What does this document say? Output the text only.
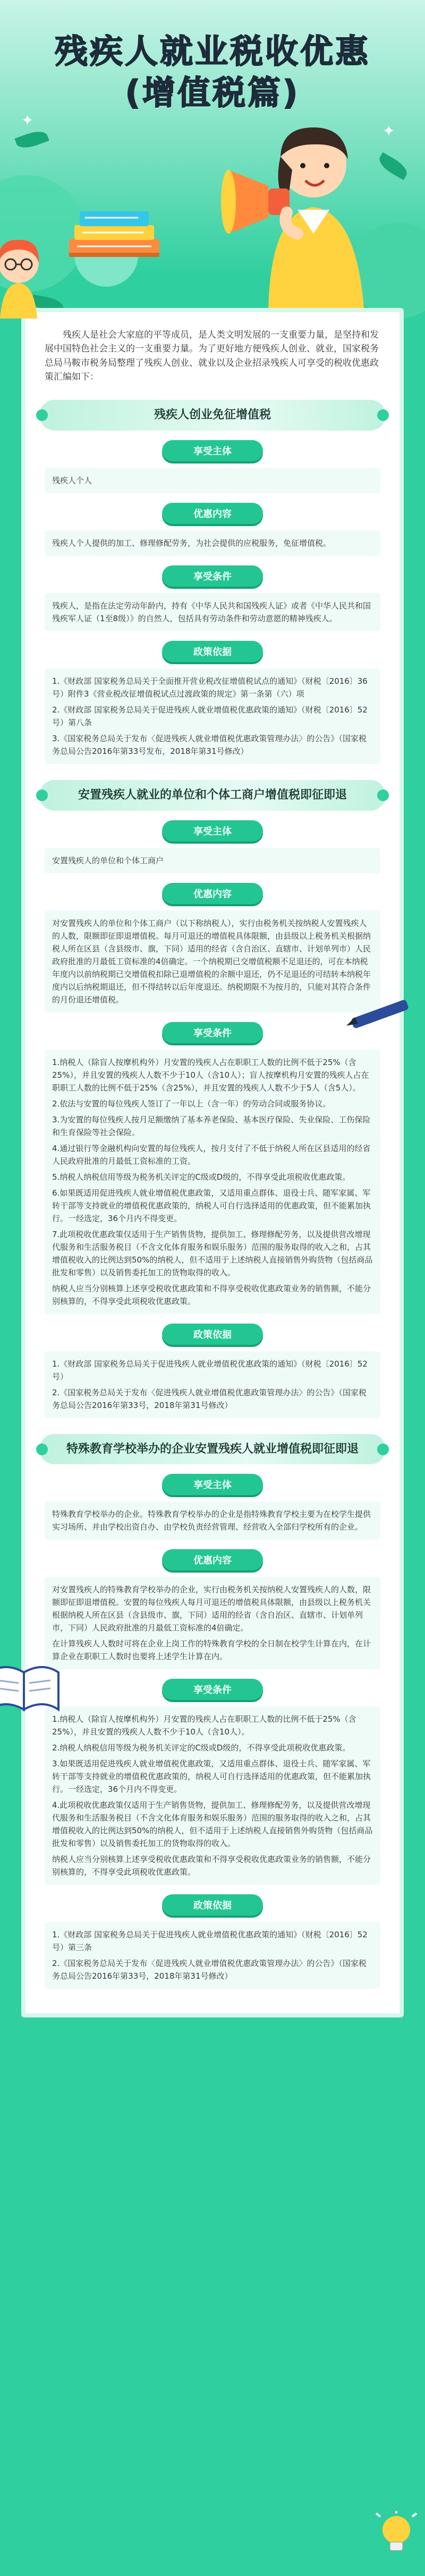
✦
✦
残疾人就业税收优惠
(增值税篇)

残疾人是社会大家庭的平等成员，是人类文明发展的一支重要力量，是坚持和发展中国特色社会主义的一支重要力量。为了更好地方便残疾人创业、就业，国家税务总局马鞍市税务局整理了残疾人创业、就业以及企业招录残疾人可享受的税收优惠政策汇编如下：

残疾人创业免征增值税
享受主体

残疾人个人

优惠内容

残疾人个人提供的加工、修理修配劳务，为社会提供的应税服务，免征增值税。

享受条件

残疾人，是指在法定劳动年龄内，持有《中华人民共和国残疾人证》或者《中华人民共和国残疾军人证（1至8级）》的自然人，包括具有劳动条件和劳动意愿的精神残疾人。

政策依据

1.《财政部 国家税务总局关于全面推开营业税改征增值税试点的通知》（财税〔2016〕36号）附件3《营业税改征增值税试点过渡政策的规定》第一条第（六）项

2.《财政部 国家税务总局关于促进残疾人就业增值税优惠政策的通知》（财税〔2016〕52号）第八条

3.《国家税务总局关于发布〈促进残疾人就业增值税优惠政策管理办法〉的公告》（国家税务总局公告2016年第33号发布，2018年第31号修改）

安置残疾人就业的单位和个体工商户增值税即征即退
享受主体

安置残疾人的单位和个体工商户

优惠内容

对安置残疾人的单位和个体工商户（以下称纳税人），实行由税务机关按纳税人安置残疾人的人数，限额即征即退增值税。每月可退还的增值税具体限额，由县级以上税务机关根据纳税人所在区县（含县级市、旗，下同）适用的经省（含自治区、直辖市、计划单列市）人民政府批准的月最低工资标准的4倍确定。一个纳税期已交增值税额不足退还的，可在本纳税年度内以前纳税期已交增值税扣除已退增值税的余额中退还，仍不足退还的可结转本纳税年度内以后纳税期退还，但不得结转以后年度退还。纳税期限不为按月的，只能对其符合条件的月份退还增值税。

享受条件

1.纳税人（除盲人按摩机构外）月安置的残疾人占在职职工人数的比例不低于25%（含25%），并且安置的残疾人人数不少于10人（含10人）；盲人按摩机构月安置的残疾人占在职职工人数的比例不低于25%（含25%），并且安置的残疾人人数不少于5人（含5人）。

2.依法与安置的每位残疾人签订了一年以上（含一年）的劳动合同或服务协议。

3.为安置的每位残疾人按月足额缴纳了基本养老保险、基本医疗保险、失业保险、工伤保险和生育保险等社会保险。

4.通过银行等金融机构向安置的每位残疾人，按月支付了不低于纳税人所在区县适用的经省人民政府批准的月最低工资标准的工资。

5.纳税人纳税信用等级为税务机关评定的C级或D级的，不得享受此项税收优惠政策。

6.如果既适用促进残疾人就业增值税优惠政策，又适用重点群体、退役士兵、随军家属、军转干部等支持就业的增值税优惠政策的，纳税人可自行选择适用的优惠政策，但不能累加执行。一经选定，36个月内不得变更。

7.此项税收优惠政策仅适用于生产销售货物，提供加工、修理修配劳务，以及提供营改增现代服务和生活服务税目（不含文化体育服务和娱乐服务）范围的服务取得的收入之和，占其增值税收入的比例达到50%的纳税人，但不适用于上述纳税人直接销售外购货物（包括商品批发和零售）以及销售委托加工的货物取得的收入。

纳税人应当分别核算上述享受税收优惠政策和不得享受税收优惠政策业务的销售额，不能分别核算的，不得享受此项税收优惠政策。

政策依据

1.《财政部 国家税务总局关于促进残疾人就业增值税优惠政策的通知》（财税〔2016〕52号）

2.《国家税务总局关于发布〈促进残疾人就业增值税优惠政策管理办法〉的公告》（国家税务总局公告2016年第33号，2018年第31号修改）

特殊教育学校举办的企业安置残疾人就业增值税即征即退
享受主体

特殊教育学校举办的企业。特殊教育学校举办的企业是指特殊教育学校主要为在校学生提供实习场所、并由学校出资自办、由学校负责经营管理、经营收入全部归学校所有的企业。

优惠内容

对安置残疾人的特殊教育学校举办的企业，实行由税务机关按纳税人安置残疾人的人数，限额即征即退增值税。安置的每位残疾人每月可退还的增值税具体限额，由县级以上税务机关根据纳税人所在区县（含县级市、旗，下同）适用的经省（含自治区、直辖市、计划单列市，下同）人民政府批准的月最低工资标准的4倍确定。

在计算残疾人人数时可将在企业上岗工作的特殊教育学校的全日制在校学生计算在内，在计算企业在职职工人数时也要将上述学生计算在内。

享受条件

1.纳税人（除盲人按摩机构外）月安置的残疾人占在职职工人数的比例不低于25%（含25%），并且安置的残疾人人数不少于10人（含10人）。

2.纳税人纳税信用等级为税务机关评定的C级或D级的，不得享受此项税收优惠政策。

3.如果既适用促进残疾人就业增值税优惠政策，又适用重点群体、退役士兵、随军家属、军转干部等支持就业的增值税优惠政策的，纳税人可自行选择适用的优惠政策，但不能累加执行。一经选定，36个月内不得变更。

4.此项税收优惠政策仅适用于生产销售货物，提供加工、修理修配劳务，以及提供营改增现代服务和生活服务税目（不含文化体育服务和娱乐服务）范围的服务取得的收入之和，占其增值税收入的比例达到50%的纳税人，但不适用于上述纳税人直接销售外购货物（包括商品批发和零售）以及销售委托加工的货物取得的收入。

纳税人应当分别核算上述享受税收优惠政策和不得享受税收优惠政策业务的销售额，不能分别核算的，不得享受此项税收优惠政策。

政策依据

1.《财政部 国家税务总局关于促进残疾人就业增值税优惠政策的通知》（财税〔2016〕52号）第三条

2.《国家税务总局关于发布〈促进残疾人就业增值税优惠政策管理办法〉的公告》（国家税务总局公告2016年第33号，2018年第31号修改）
